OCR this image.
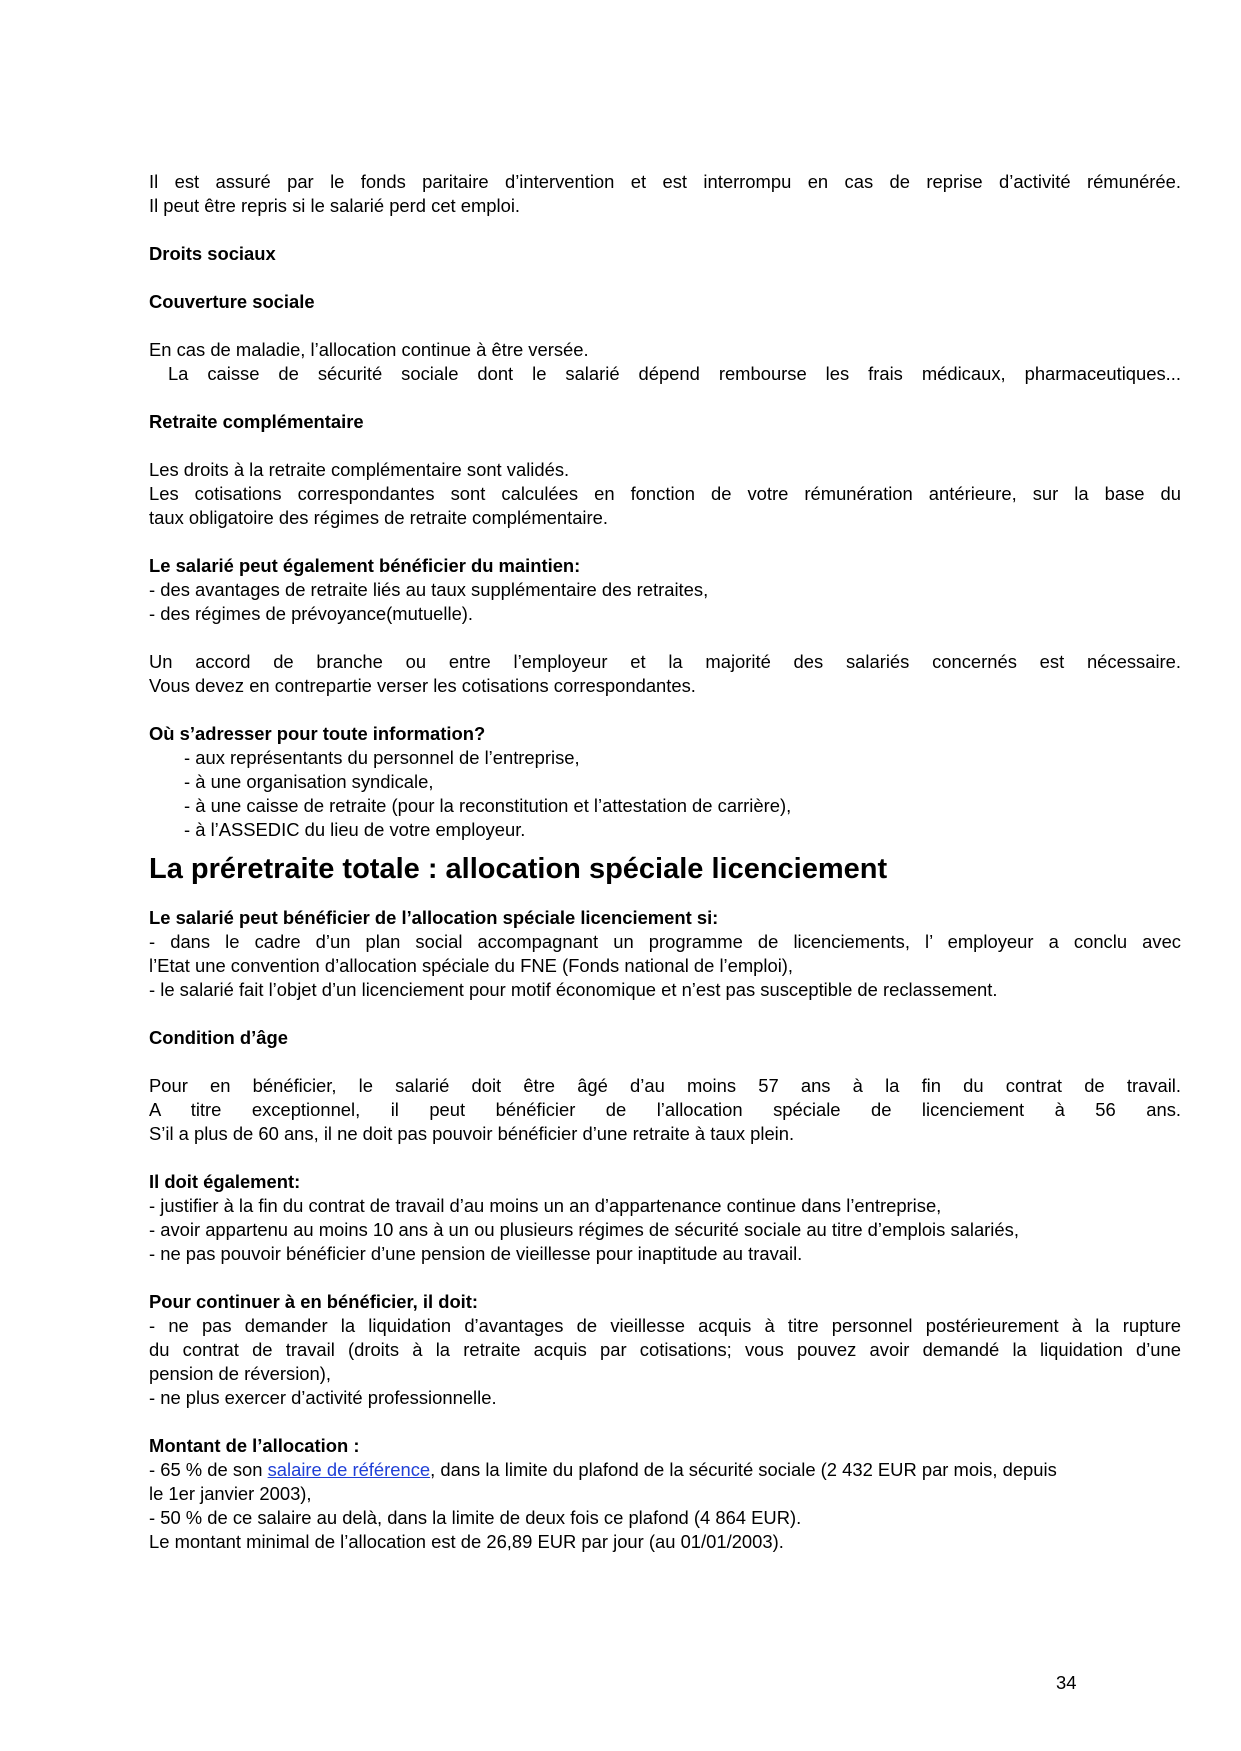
Il est assuré par le fonds paritaire d’intervention et est interrompu en cas de reprise d’activité rémunérée.

Il peut être repris si le salarié perd cet emploi.

Droits sociaux

Couverture sociale

En cas de maladie, l’allocation continue à être versée.

La caisse de sécurité sociale dont le salarié dépend rembourse les frais médicaux, pharmaceutiques...

Retraite complémentaire

Les droits à la retraite complémentaire sont validés.

Les cotisations correspondantes sont calculées en fonction de votre rémunération antérieure, sur la base du

taux obligatoire des régimes de retraite complémentaire.

Le salarié peut également bénéficier du maintien:

- des avantages de retraite liés au taux supplémentaire des retraites,

- des régimes de prévoyance(mutuelle).

Un accord de branche ou entre l’employeur et la majorité des salariés concernés est nécessaire.

Vous devez en contrepartie verser les cotisations correspondantes.

Où s’adresser pour toute information?

- aux représentants du personnel de l’entreprise,

- à une organisation syndicale,

- à une caisse de retraite (pour la reconstitution et l’attestation de carrière),

- à l’ASSEDIC du lieu de votre employeur.

La préretraite totale : allocation spéciale licenciement

Le salarié peut bénéficier de l’allocation spéciale licenciement si:

- dans le cadre d’un plan social accompagnant un programme de licenciements, l’ employeur a conclu avec

l’Etat une convention d’allocation spéciale du FNE (Fonds national de l’emploi),

- le salarié fait l’objet d’un licenciement pour motif économique et n’est pas susceptible de reclassement.

Condition d’âge

Pour en bénéficier, le salarié doit être âgé d’au moins 57 ans à la fin du contrat de travail.

A titre exceptionnel, il peut bénéficier de l’allocation spéciale de licenciement à 56 ans.

S’il a plus de 60 ans, il ne doit pas pouvoir bénéficier d’une retraite à taux plein.

Il doit également:

- justifier à la fin du contrat de travail d’au moins un an d’appartenance continue dans l’entreprise,

- avoir appartenu au moins 10 ans à un ou plusieurs régimes de sécurité sociale au titre d’emplois salariés,

- ne pas pouvoir bénéficier d’une pension de vieillesse pour inaptitude au travail.

Pour continuer à en bénéficier, il doit:

- ne pas demander la liquidation d’avantages de vieillesse acquis à titre personnel postérieurement à la rupture

du contrat de travail (droits à la retraite acquis par cotisations; vous pouvez avoir demandé la liquidation d’une

pension de réversion),

- ne plus exercer d’activité professionnelle.

Montant de l’allocation :

- 65 % de son salaire de référence, dans la limite du plafond de la sécurité sociale (2 432 EUR par mois, depuis

le 1er janvier 2003),

- 50 % de ce salaire au delà, dans la limite de deux fois ce plafond (4 864 EUR).

Le montant minimal de l’allocation est de 26,89 EUR par jour (au 01/01/2003).

34
